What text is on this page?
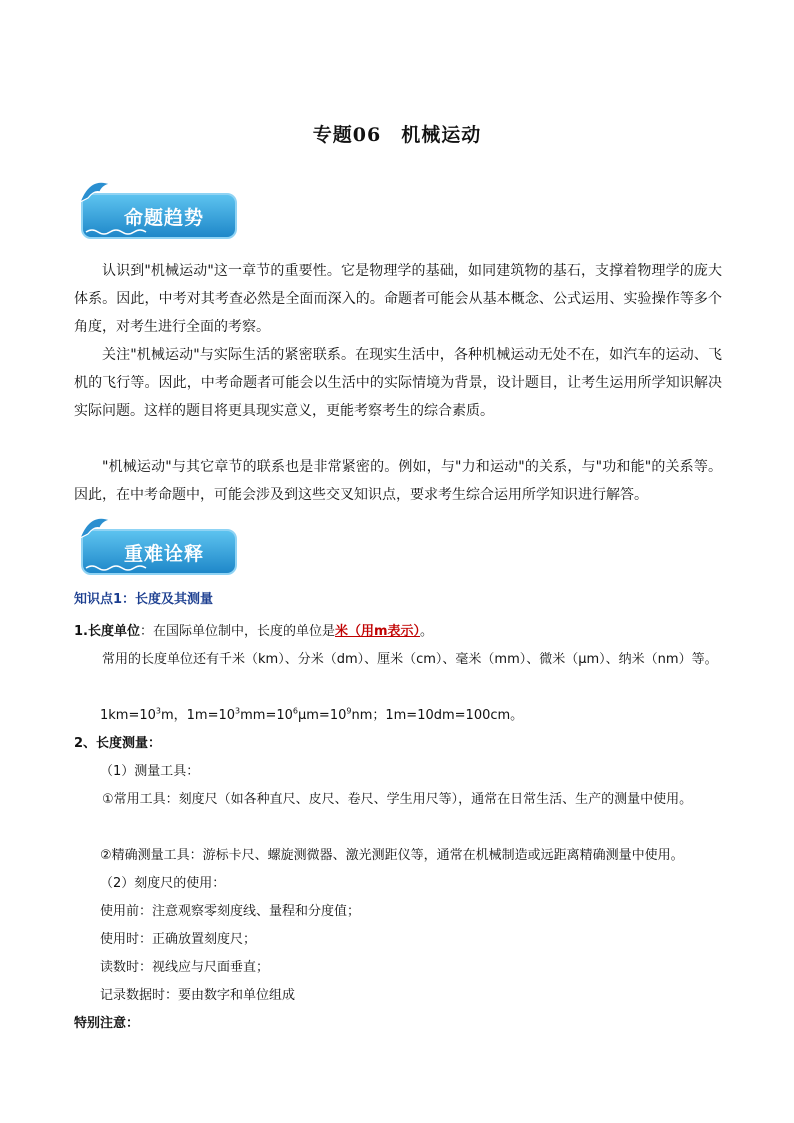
专题06　机械运动
命题趋势

认识到"机械运动"这一章节的重要性。它是物理学的基础，如同建筑物的基石，支撑着物理学的庞大体系。因此，中考对其考查必然是全面而深入的。命题者可能会从基本概念、公式运用、实验操作等多个角度，对考生进行全面的考察。

关注"机械运动"与实际生活的紧密联系。在现实生活中，各种机械运动无处不在，如汽车的运动、飞机的飞行等。因此，中考命题者可能会以生活中的实际情境为背景，设计题目，让考生运用所学知识解决实际问题。这样的题目将更具现实意义，更能考察考生的综合素质。

"机械运动"与其它章节的联系也是非常紧密的。例如，与"力和运动"的关系，与"功和能"的关系等。因此，在中考命题中，可能会涉及到这些交叉知识点，要求考生综合运用所学知识进行解答。

重难诠释
知识点1：长度及其测量
1.长度单位：在国际单位制中，长度的单位是米（用m表示）。

常用的长度单位还有千米（km）、分米（dm）、厘米（cm）、毫米（mm）、微米（μm）、纳米（nm）等。

$1km=10^3m$，$1m=10^3mm=10^6\mu m=10^9nm$；1m=10dm=100cm。
2、长度测量：
（1）测量工具：

①常用工具：刻度尺（如各种直尺、皮尺、卷尺、学生用尺等），通常在日常生活、生产的测量中使用。

②精确测量工具：游标卡尺、螺旋测微器、激光测距仪等，通常在机械制造或远距离精确测量中使用。
（2）刻度尺的使用：
使用前：注意观察零刻度线、量程和分度值；
使用时：正确放置刻度尺；
读数时：视线应与尺面垂直；
记录数据时：要由数字和单位组成
特别注意：
